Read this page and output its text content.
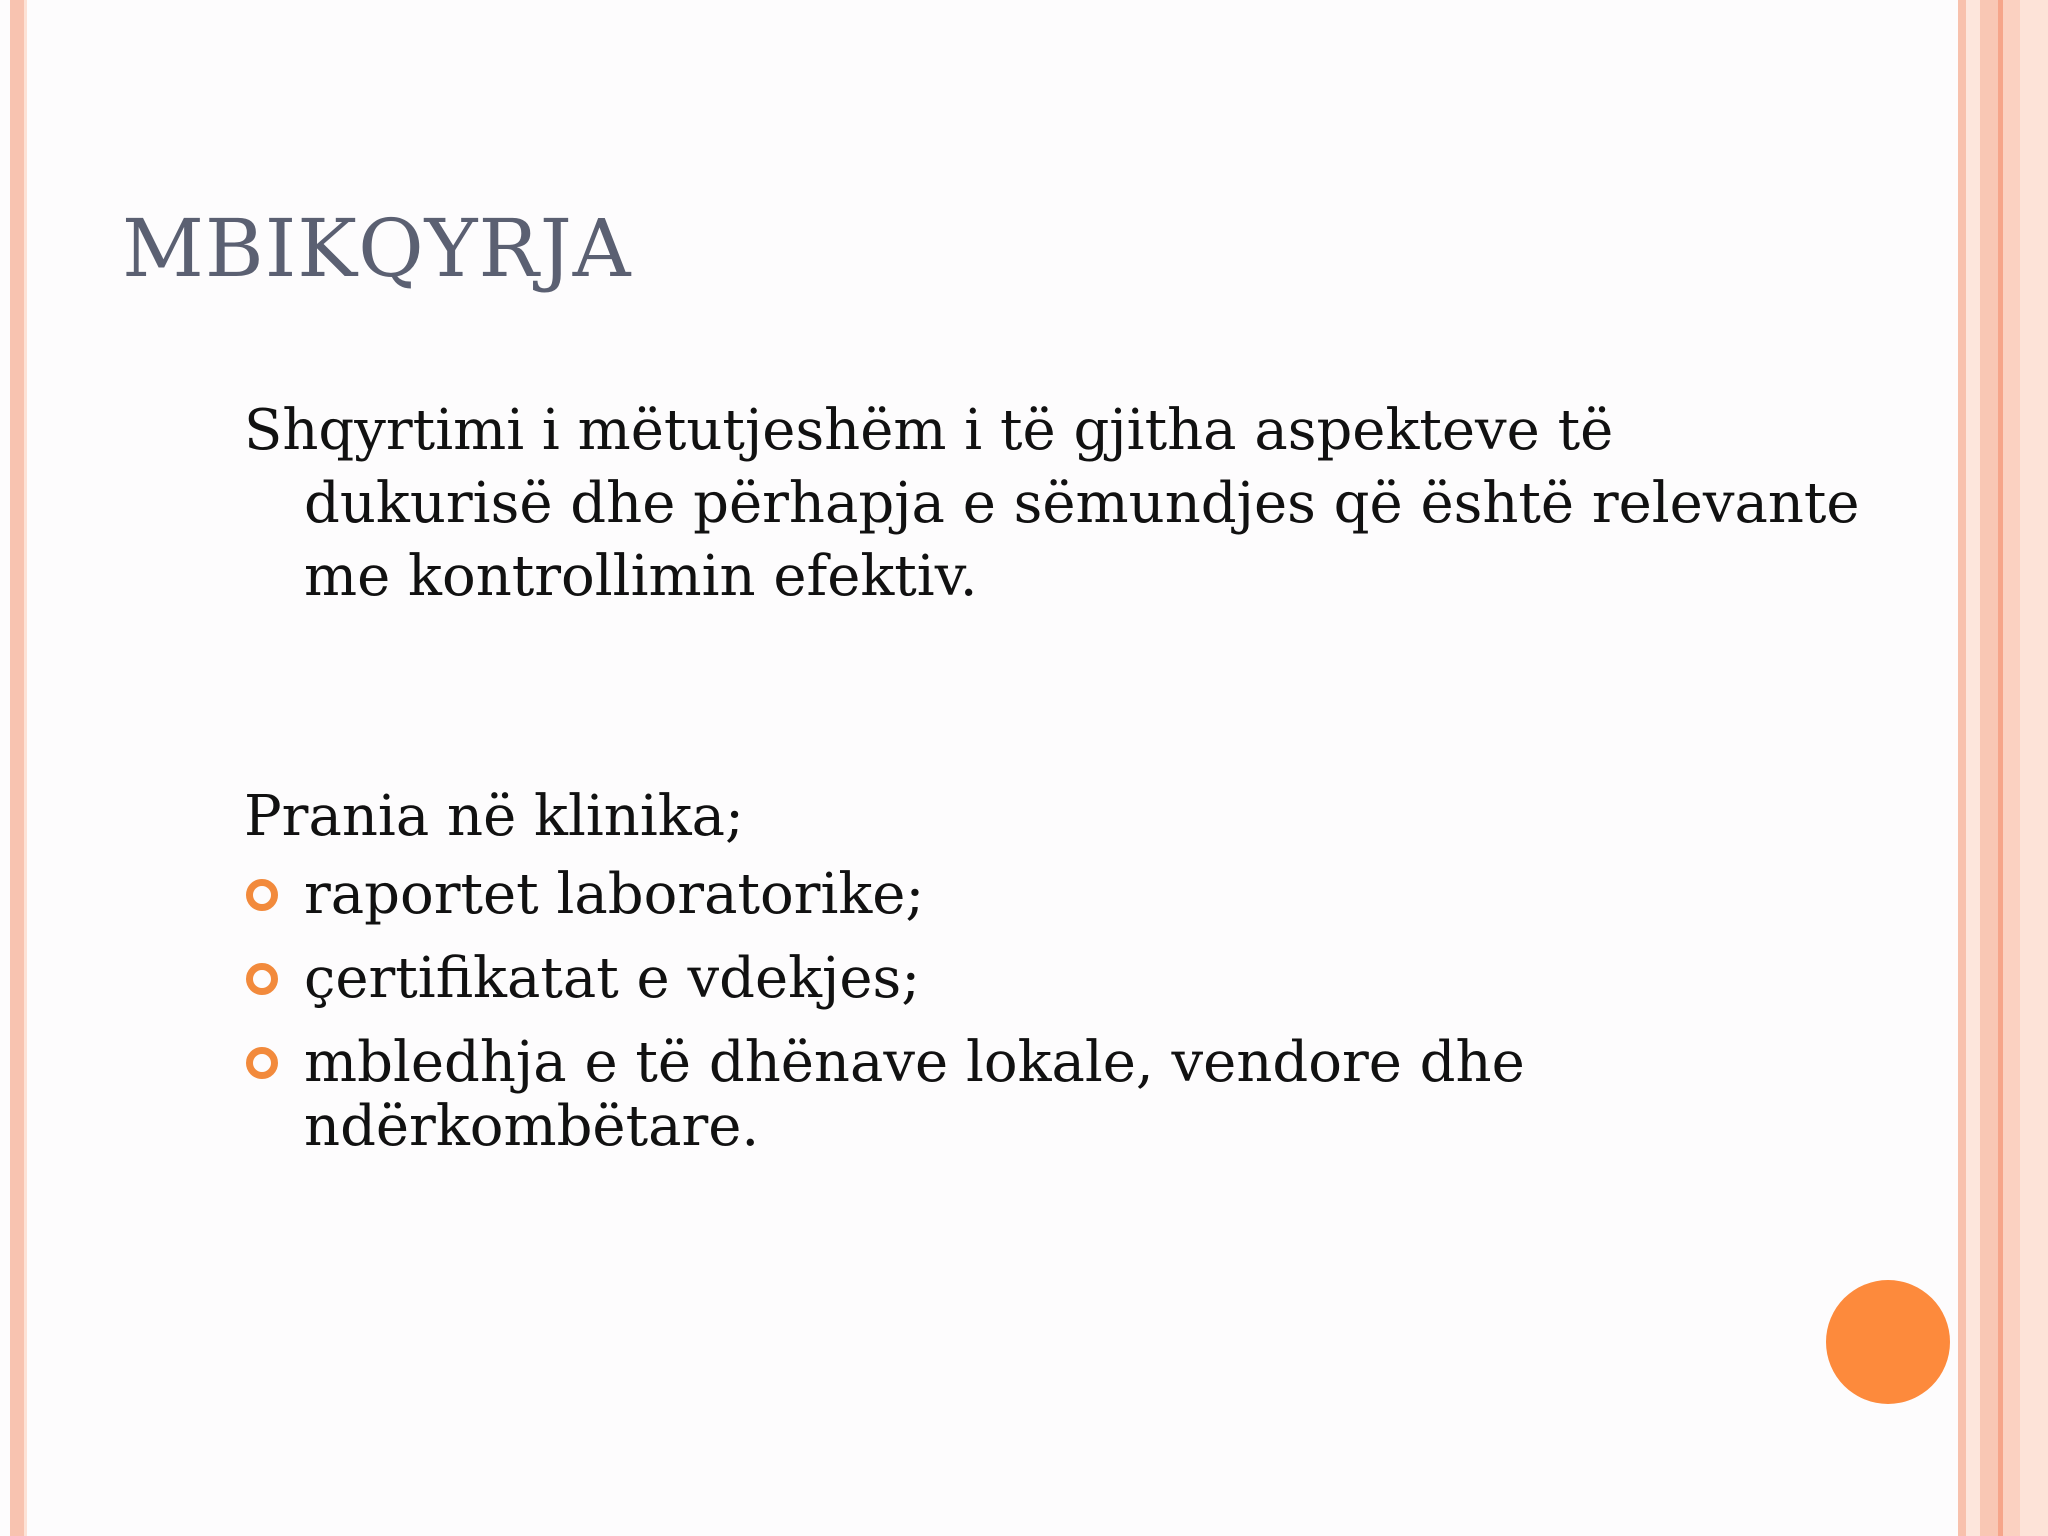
MBIKQYRJA
Shqyrtimi i mëtutjeshëm i të gjitha aspekteve të dukurisë dhe përhapja e sëmundjes që është relevante me kontrollimin efektiv.
Prania në klinika;
raportet laboratorike;
çertifikatat e vdekjes;
mbledhja e të dhënave lokale, vendore dhe ndërkombëtare.
